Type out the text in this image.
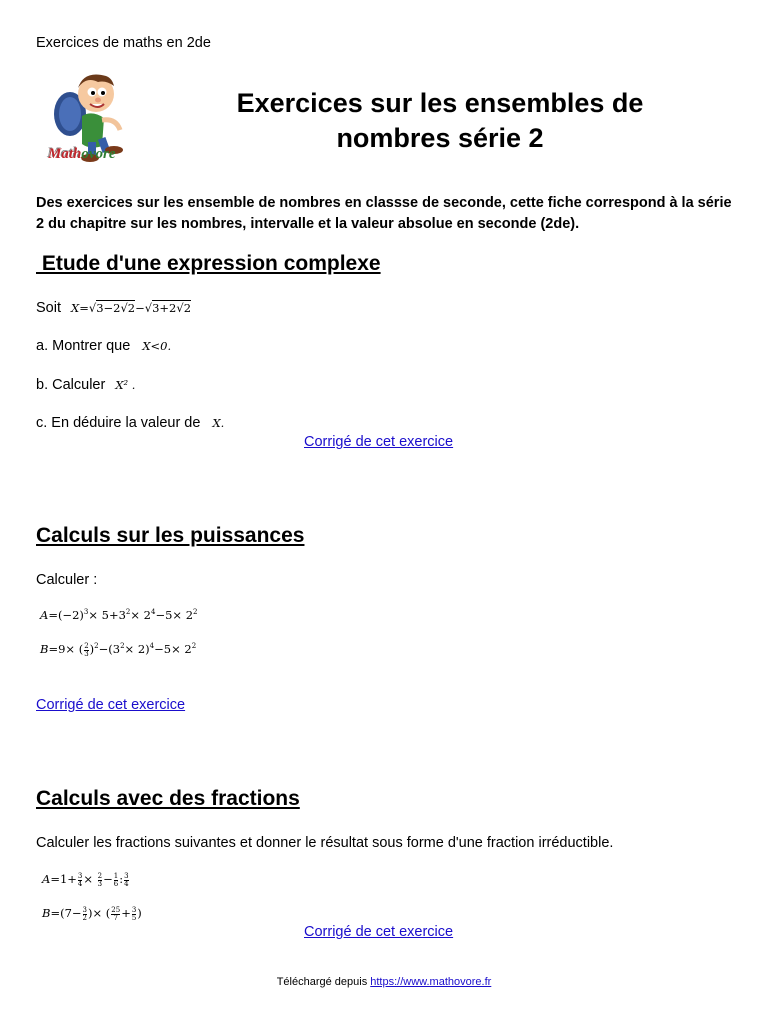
Exercices de maths en 2de
Mathovore
Exercices sur les ensembles de
nombres série 2
Des exercices sur les ensemble de nombres en classse de seconde, cette fiche correspond à la série 2 du chapitre sur les nombres, intervalle et la valeur absolue en seconde (2de).
Etude d'une expression complexe
Soit X=√3−2√2−√3+2√2
a. Montrer que X<0.
b. Calculer X² .
c. En déduire la valeur de X.
Corrigé de cet exercice
Calculs sur les puissances
Calculer :
$A=(-2)^3\times 5+3^2\times 2^4-5\times 2^2$
B=9× ( $\frac{2}{3} )^2-(3^2\times 2)^4-5\times 2^2$
Corrigé de cet exercice
Calculs avec des fractions
Calculer les fractions suivantes et donner le résultat sous forme d'une fraction irréductible.
$A=1+ \frac{3}{4} \times \frac{2}{3} - \frac{1}{6}$ : $\frac{3}{4}$
$B=(7- \frac{3}{2}$ )× ( $\frac{25}{7} + \frac{3}{5}$ )
Corrigé de cet exercice
Téléchargé depuis https://www.mathovore.fr
